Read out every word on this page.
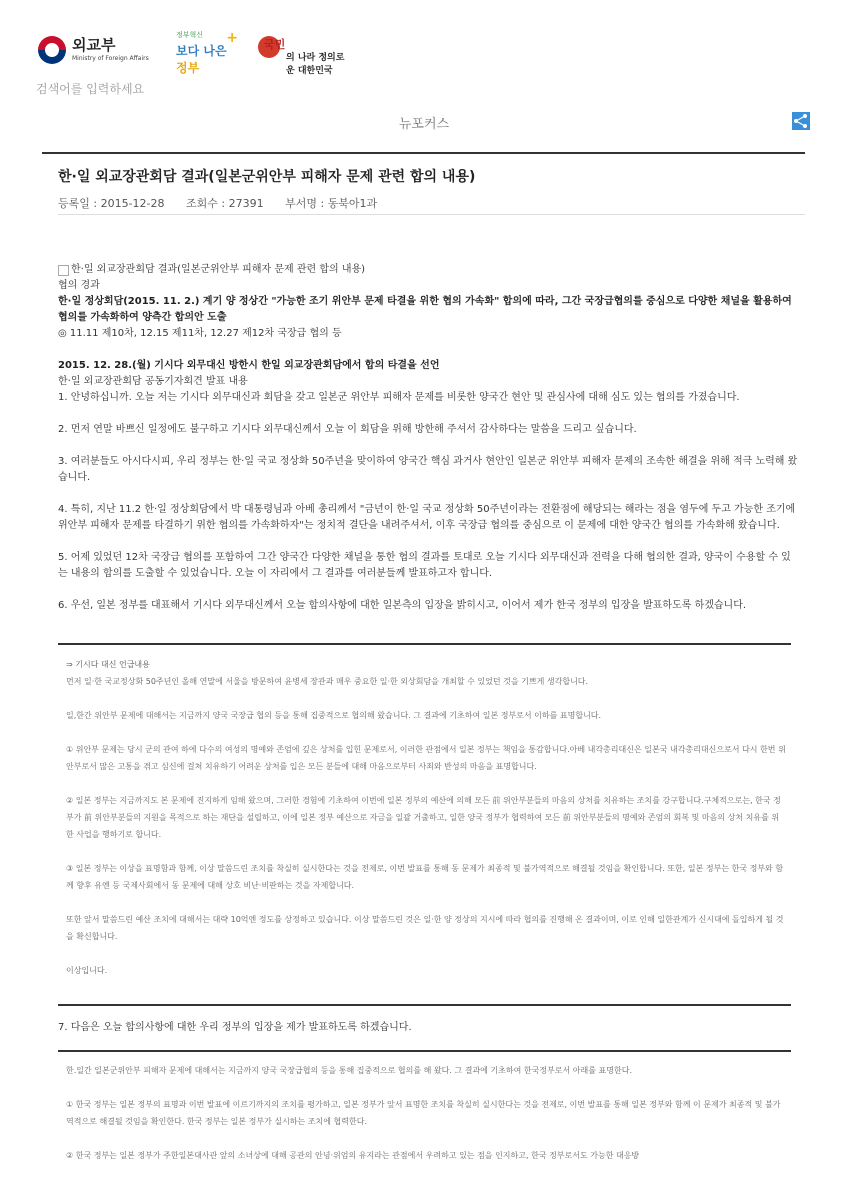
외교부
Ministry of Foreign Affairs
정부혁신
보다 나은 정부
+ 국민
의 나라 정의로운 대한민국
검색어를 입력하세요
뉴포커스
한·일 외교장관회담 결과(일본군위안부 피해자 문제 관련 합의 내용)
등록일 : 2015-12-28 조회수 : 27391 부서명 : 동북아1과
한·일 외교장관회담 결과(일본군위안부 피해자 문제 관련 합의 내용)

협의 경과

한·일 정상회담(2015. 11. 2.) 계기 양 정상간 "가능한 조기 위안부 문제 타결을 위한 협의 가속화" 합의에 따라, 그간 국장급협의를 중심으로 다양한 채널을 활용하여 협의를 가속화하여 양측간 합의안 도출

◎ 11.11 제10차, 12.15 제11차, 12.27 제12차 국장급 협의 등

2015. 12. 28.(월) 기시다 외무대신 방한시 한일 외교장관회담에서 합의 타결을 선언

한·일 외교장관회담 공동기자회견 발표 내용

1. 안녕하십니까. 오늘 저는 기시다 외무대신과 회담을 갖고 일본군 위안부 피해자 문제를 비롯한 양국간 현안 및 관심사에 대해 심도 있는 협의를 가졌습니다.

2. 먼저 연말 바쁘신 일정에도 불구하고 기시다 외무대신께서 오늘 이 회담을 위해 방한해 주셔서 감사하다는 말씀을 드리고 싶습니다.

3. 여러분들도 아시다시피, 우리 정부는 한·일 국교 정상화 50주년을 맞이하여 양국간 핵심 과거사 현안인 일본군 위안부 피해자 문제의 조속한 해결을 위해 적극 노력해 왔습니다.

4. 특히, 지난 11.2 한·일 정상회담에서 박 대통령님과 아베 총리께서 "금년이 한·일 국교 정상화 50주년이라는 전환점에 해당되는 해라는 점을 염두에 두고 가능한 조기에 위안부 피해자 문제를 타결하기 위한 협의를 가속화하자"는 정치적 결단을 내려주셔서, 이후 국장급 협의를 중심으로 이 문제에 대한 양국간 협의를 가속화해 왔습니다.

5. 어제 있었던 12차 국장급 협의를 포함하여 그간 양국간 다양한 채널을 통한 협의 결과를 토대로 오늘 기시다 외무대신과 전력을 다해 협의한 결과, 양국이 수용할 수 있는 내용의 합의를 도출할 수 있었습니다. 오늘 이 자리에서 그 결과를 여러분들께 발표하고자 합니다.

6. 우선, 일본 정부를 대표해서 기시다 외무대신께서 오늘 합의사항에 대한 일본측의 입장을 밝히시고, 이어서 제가 한국 정부의 입장을 발표하도록 하겠습니다.

⇒ 기시다 대신 언급내용

먼저 일·한 국교정상화 50주년인 올해 연말에 서울을 방문하여 윤병세 장관과 매우 중요한 일·한 외상회담을 개최할 수 있었던 것을 기쁘게 생각합니다.

일,한간 위안부 문제에 대해서는 지금까지 양국 국장급 협의 등을 통해 집중적으로 협의해 왔습니다. 그 결과에 기초하여 일본 정부로서 이하를 표명합니다.

① 위안부 문제는 당시 군의 관여 하에 다수의 여성의 명예와 존엄에 깊은 상처를 입힌 문제로서, 이러한 관점에서 일본 정부는 책임을 통감합니다.아베 내각총리대신은 일본국 내각총리대신으로서 다시 한번 위안부로서 많은 고통을 겪고 심신에 걸쳐 치유하기 어려운 상처를 입은 모든 분들에 대해 마음으로부터 사죄와 반성의 마음을 표명합니다.

② 일본 정부는 지금까지도 본 문제에 진지하게 임해 왔으며, 그러한 경험에 기초하여 이번에 일본 정부의 예산에 의해 모든 前 위안부분들의 마음의 상처를 치유하는 조치를 강구합니다.구체적으로는, 한국 정부가 前 위안부분들의 지원을 목적으로 하는 재단을 설립하고, 이에 일본 정부 예산으로 자금을 일괄 거출하고, 일한 양국 정부가 협력하여 모든 前 위안부분들의 명예와 존엄의 회복 및 마음의 상처 치유를 위한 사업을 행하기로 합니다.

③ 일본 정부는 이상을 표명함과 함께, 이상 말씀드린 조치를 착실히 실시한다는 것을 전제로, 이번 발표를 통해 동 문제가 최종적 및 불가역적으로 해결될 것임을 확인합니다. 또한, 일본 정부는 한국 정부와 함께 향후 유엔 등 국제사회에서 동 문제에 대해 상호 비난·비판하는 것을 자제합니다.

또한 앞서 말씀드린 예산 조치에 대해서는 대략 10억엔 정도를 상정하고 있습니다. 이상 말씀드린 것은 일·한 양 정상의 지시에 따라 협의를 진행해 온 결과이며, 이로 인해 일한관계가 신시대에 돌입하게 될 것을 확신합니다.

이상입니다.

7. 다음은 오늘 합의사항에 대한 우리 정부의 입장을 제가 발표하도록 하겠습니다.

한.일간 일본군위안부 피해자 문제에 대해서는 지금까지 양국 국장급협의 등을 통해 집중적으로 협의를 해 왔다. 그 결과에 기초하여 한국정부로서 아래를 표명한다.

① 한국 정부는 일본 정부의 표명과 이번 발표에 이르기까지의 조치를 평가하고, 일본 정부가 앞서 표명한 조치를 착실히 실시한다는 것을 전제로, 이번 발표를 통해 일본 정부와 함께 이 문제가 최종적 및 불가역적으로 해결될 것임을 확인한다. 한국 정부는 일본 정부가 실시하는 조치에 협력한다.

② 한국 정부는 일본 정부가 주한일본대사관 앞의 소녀상에 대해 공관의 안녕·위엄의 유지라는 관점에서 우려하고 있는 점을 인지하고, 한국 정부로서도 가능한 대응방
